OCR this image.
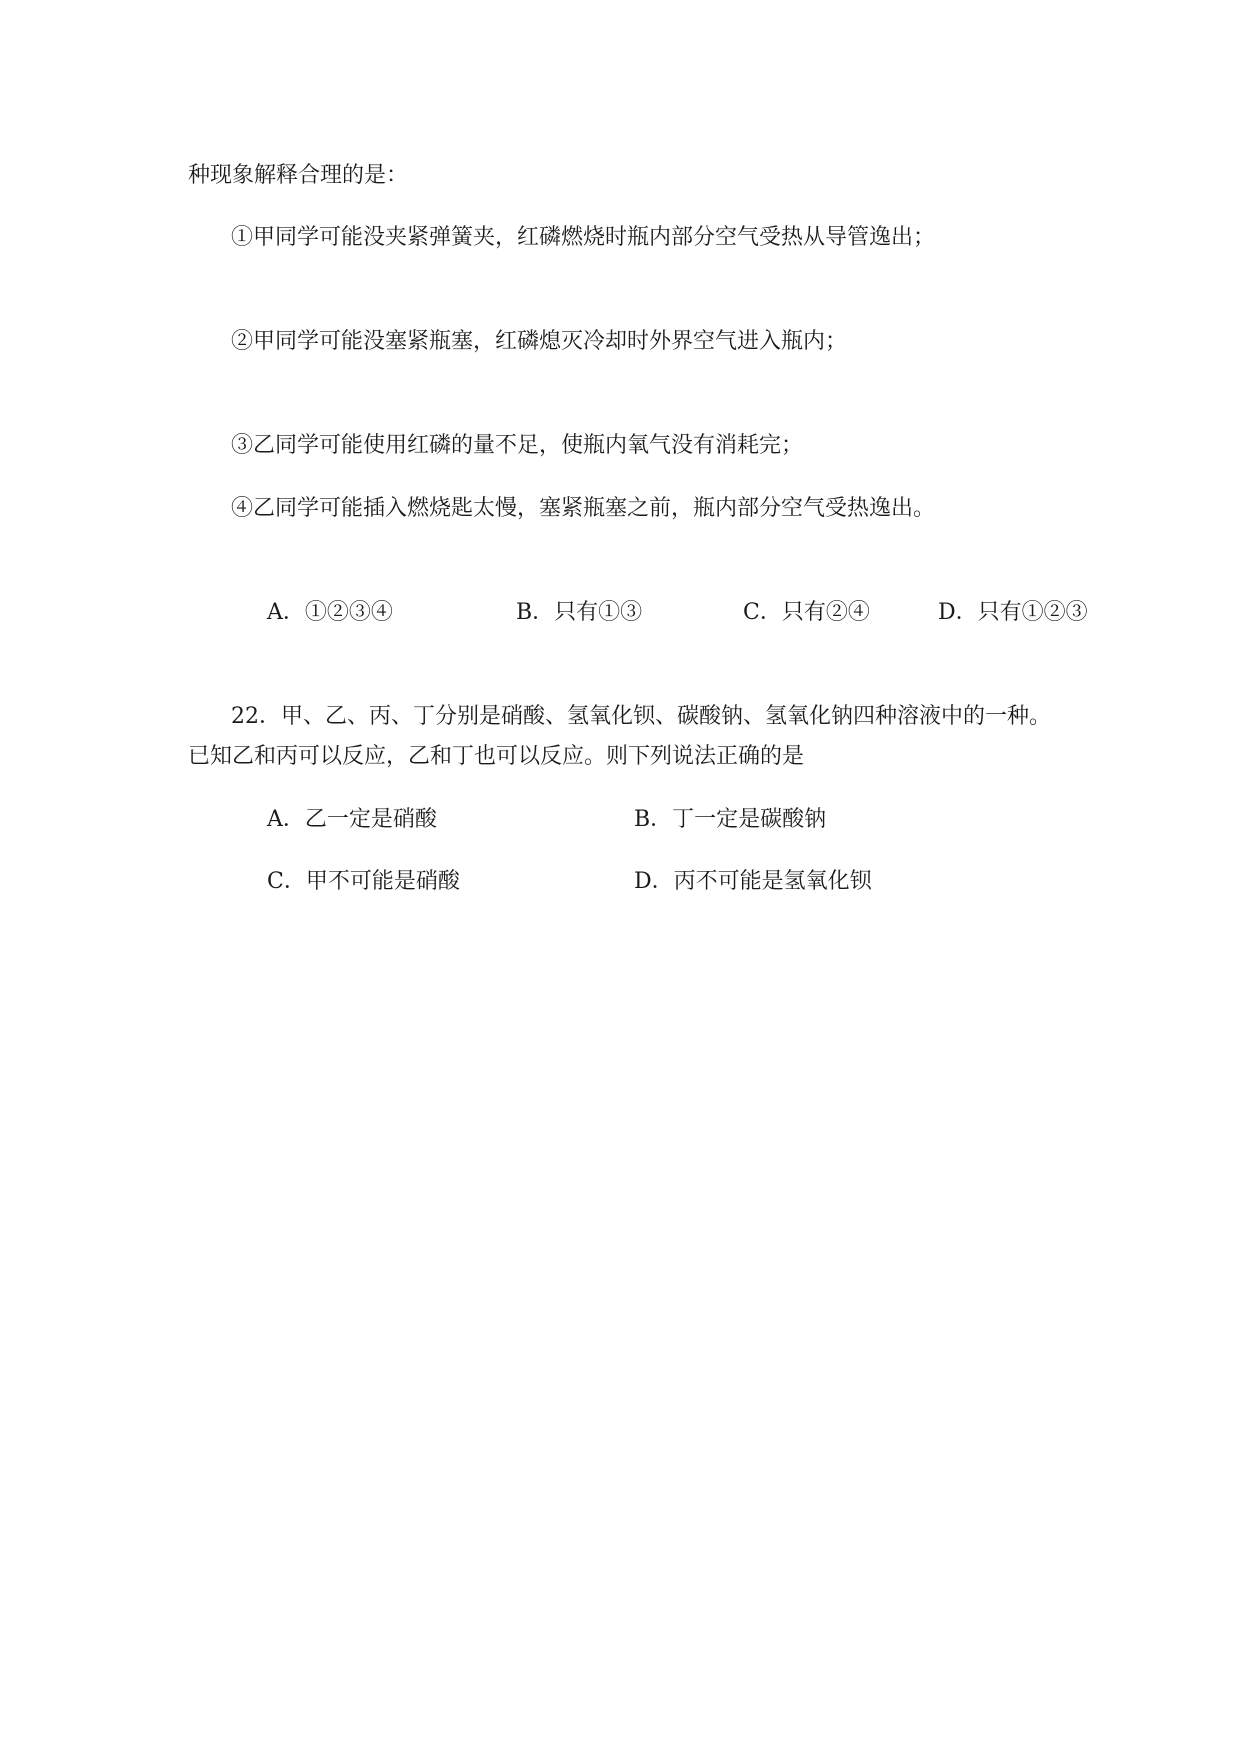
种现象解释合理的是：
①甲同学可能没夹紧弹簧夹，红磷燃烧时瓶内部分空气受热从导管逸出；
②甲同学可能没塞紧瓶塞，红磷熄灭冷却时外界空气进入瓶内；
③乙同学可能使用红磷的量不足，使瓶内氧气没有消耗完；
④乙同学可能插入燃烧匙太慢，塞紧瓶塞之前，瓶内部分空气受热逸出。
A．①②③④	B．只有①③	C．只有②④	D．只有①②③
22．甲、乙、丙、丁分别是硝酸、氢氧化钡、碳酸钠、氢氧化钠四种溶液中的一种。
已知乙和丙可以反应，乙和丁也可以反应。则下列说法正确的是
A．乙一定是硝酸	B．丁一定是碳酸钠
C．甲不可能是硝酸	D．丙不可能是氢氧化钡
